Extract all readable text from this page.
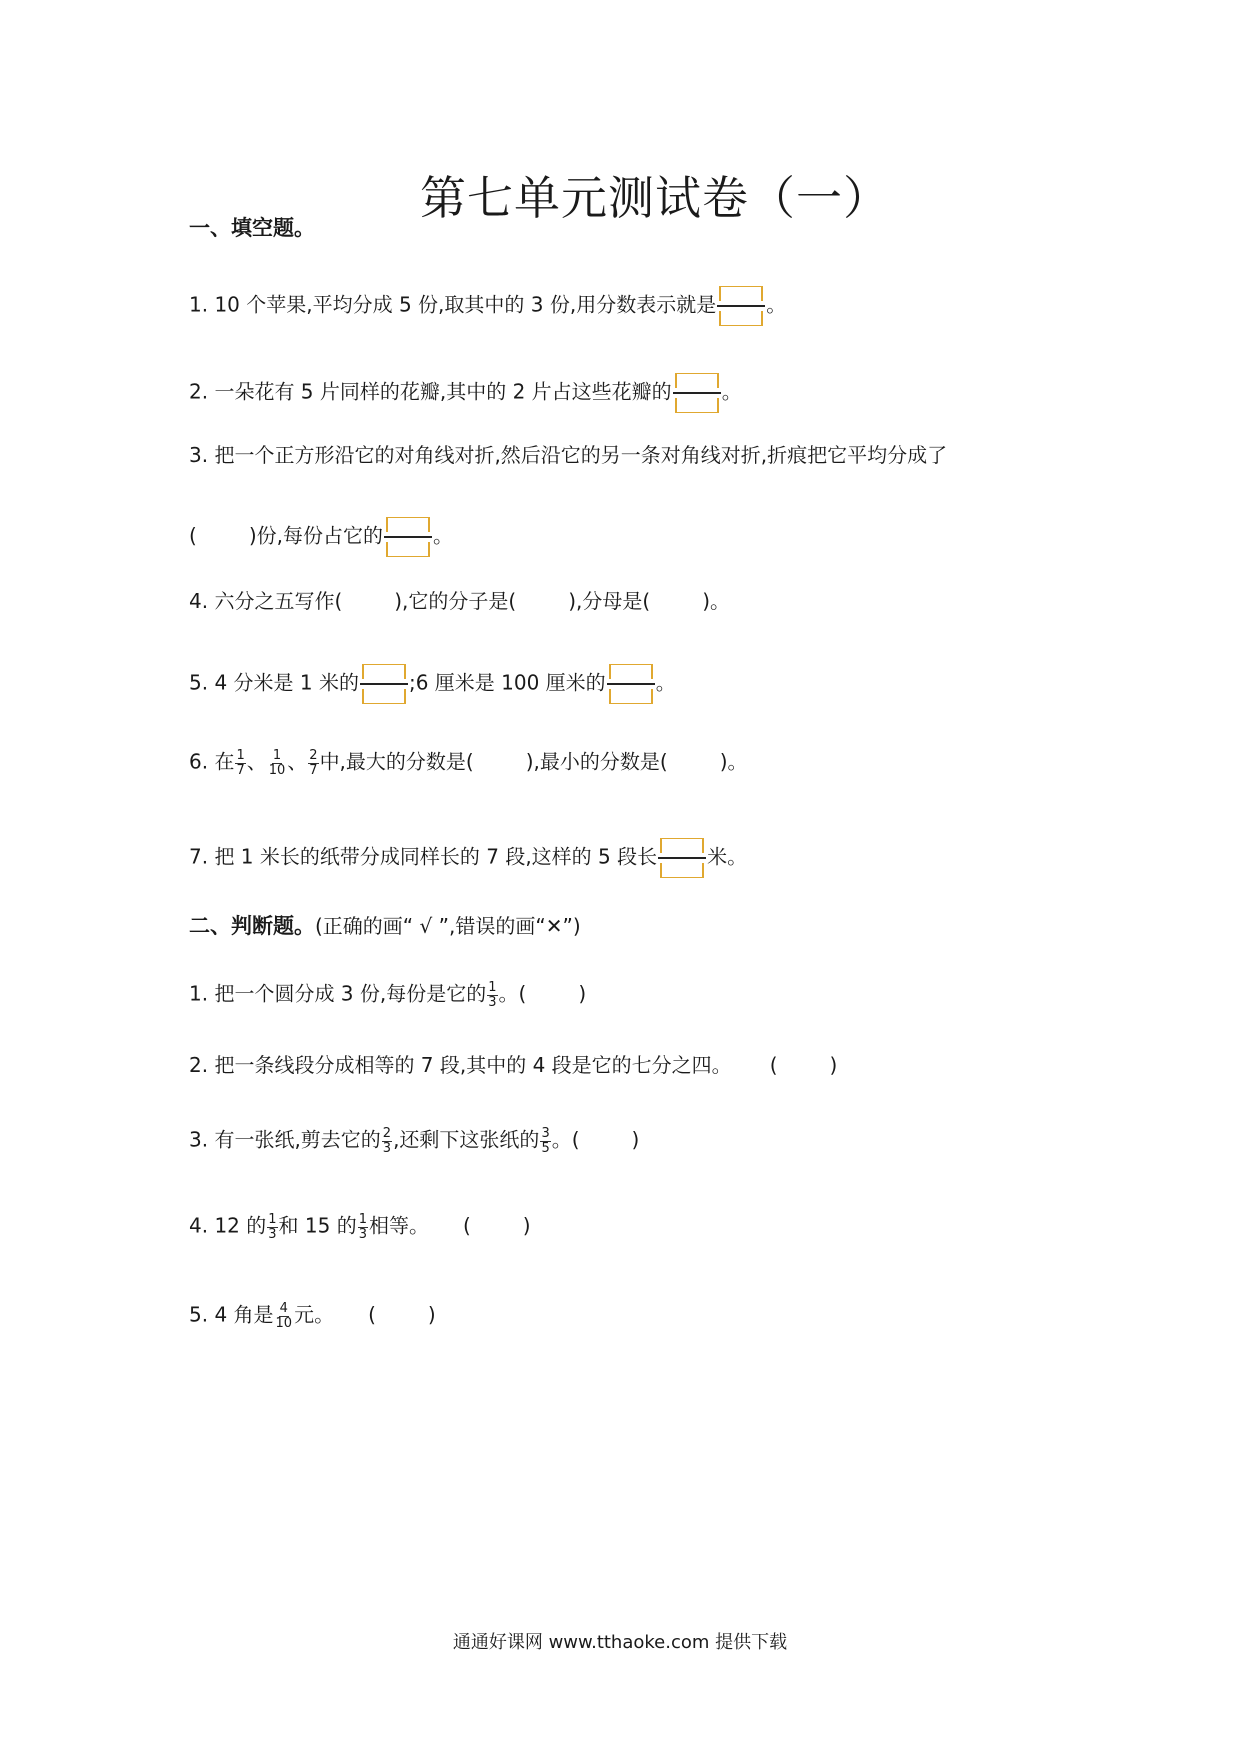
第七单元测试卷（一）
一、填空题。
1. 10 个苹果,平均分成 5 份,取其中的 3 份,用分数表示就是	。
2. 一朵花有 5 片同样的花瓣,其中的 2 片占这些花瓣的	。
3. 把一个正方形沿它的对角线对折,然后沿它的另一条对角线对折,折痕把它平均分成了
(	)份,每份占它的	。
4. 六分之五写作(	),它的分子是(	),分母是(	)。
5. 4 分米是 1 米的	;6 厘米是 100 厘米的	。
6. 在 $\frac{1}{7}$ 、 $\frac{1}{10}$ 、 $\frac{2}{7}$ 中,最大的分数是(	),最小的分数是(	)。
7. 把 1 米长的纸带分成同样长的 7 段,这样的 5 段长	米。
二、判断题。(正确的画“ √ ”,错误的画“✕”)
1. 把一个圆分成 3 份,每份是它的 $\frac{1}{3}$ 。(	)
2. 把一条线段分成相等的 7 段,其中的 4 段是它的七分之四。 (	)
3. 有一张纸,剪去它的 $\frac{2}{3}$ ,还剩下这张纸的 $\frac{3}{5}$ 。(	)
4. 12 的 $\frac{1}{3}$ 和 15 的 $\frac{1}{3}$ 相等。 (	)
5. 4 角是 $\frac{4}{10}$ 元。 (	)
通通好课网 www.tthaoke.com 提供下载
